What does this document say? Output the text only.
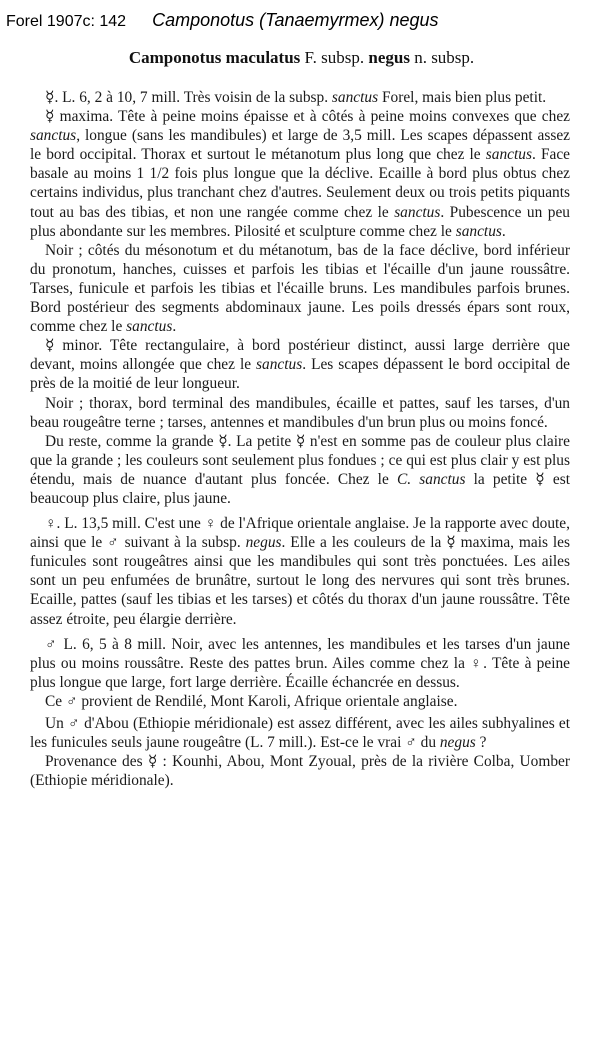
Forel 1907c: 142 Camponotus (Tanaemyrmex) negus
Camponotus maculatus F. subsp. negus n. subsp.

☿. L. 6, 2 à 10, 7 mill. Très voisin de la subsp. sanctus Forel, mais bien plus petit.

☿ maxima. Tête à peine moins épaisse et à côtés à peine moins convexes que chez sanctus, longue (sans les mandibules) et large de 3,5 mill. Les scapes dépassent assez le bord occipital. Thorax et surtout le métanotum plus long que chez le sanctus. Face basale au moins 1 1/2 fois plus longue que la déclive. Ecaille à bord plus obtus chez certains individus, plus tranchant chez d'autres. Seulement deux ou trois petits piquants tout au bas des tibias, et non une rangée comme chez le sanctus. Pubescence un peu plus abondante sur les membres. Pilosité et sculpture comme chez le sanctus.

Noir ; côtés du mésonotum et du métanotum, bas de la face déclive, bord inférieur du pronotum, hanches, cuisses et parfois les tibias et l'écaille d'un jaune roussâtre. Tarses, funicule et parfois les tibias et l'écaille bruns. Les mandibules parfois brunes. Bord postérieur des segments abdominaux jaune. Les poils dressés épars sont roux, comme chez le sanctus.

☿ minor. Tête rectangulaire, à bord postérieur distinct, aussi large derrière que devant, moins allongée que chez le sanctus. Les scapes dépassent le bord occipital de près de la moitié de leur longueur.

Noir ; thorax, bord terminal des mandibules, écaille et pattes, sauf les tarses, d'un beau rougeâtre terne ; tarses, antennes et mandibules d'un brun plus ou moins foncé.

Du reste, comme la grande ☿. La petite ☿ n'est en somme pas de couleur plus claire que la grande ; les couleurs sont seulement plus fondues ; ce qui est plus clair y est plus étendu, mais de nuance d'autant plus foncée. Chez le C. sanctus la petite ☿ est beaucoup plus claire, plus jaune.

♀. L. 13,5 mill. C'est une ♀ de l'Afrique orientale anglaise. Je la rapporte avec doute, ainsi que le ♂ suivant à la subsp. negus. Elle a les couleurs de la ☿ maxima, mais les funicules sont rougeâtres ainsi que les mandibules qui sont très ponctuées. Les ailes sont un peu enfumées de brunâtre, surtout le long des nervures qui sont très brunes. Ecaille, pattes (sauf les tibias et les tarses) et côtés du thorax d'un jaune roussâtre. Tête assez étroite, peu élargie derrière.

♂ L. 6, 5 à 8 mill. Noir, avec les antennes, les mandibules et les tarses d'un jaune plus ou moins roussâtre. Reste des pattes brun. Ailes comme chez la ♀. Tête à peine plus longue que large, fort large derrière. Écaille échancrée en dessus.

Ce ♂ provient de Rendilé, Mont Karoli, Afrique orientale anglaise.

Un ♂ d'Abou (Ethiopie méridionale) est assez différent, avec les ailes subhyalines et les funicules seuls jaune rougeâtre (L. 7 mill.). Est-ce le vrai ♂ du negus ?

Provenance des ☿ : Kounhi, Abou, Mont Zyoual, près de la rivière Colba, Uomber (Ethiopie méridionale).
